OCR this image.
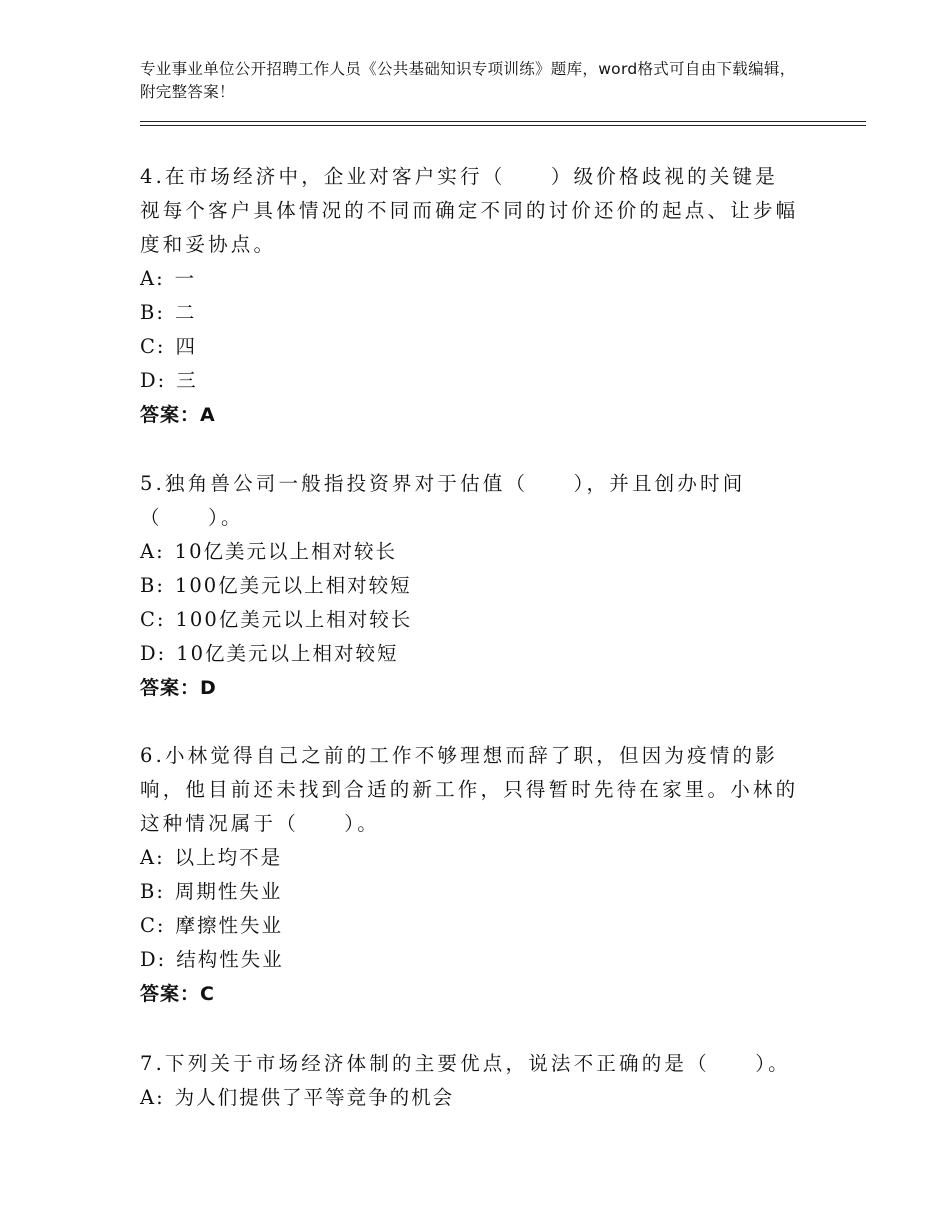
专业事业单位公开招聘工作人员《公共基础知识专项训练》题库，word格式可自由下载编辑，附完整答案！

4.在市场经济中，企业对客户实行（　　）级价格歧视的关键是视每个客户具体情况的不同而确定不同的讨价还价的起点、让步幅度和妥协点。

A: 一

B: 二

C: 四

D: 三

答案：A

5.独角兽公司一般指投资界对于估值（　　），并且创办时间（　　）。

A: 10亿美元以上相对较长

B: 100亿美元以上相对较短

C: 100亿美元以上相对较长

D: 10亿美元以上相对较短

答案：D

6.小林觉得自己之前的工作不够理想而辞了职，但因为疫情的影响，他目前还未找到合适的新工作，只得暂时先待在家里。小林的这种情况属于（　　）。

A: 以上均不是

B: 周期性失业

C: 摩擦性失业

D: 结构性失业

答案：C

7.下列关于市场经济体制的主要优点，说法不正确的是（　　）。

A: 为人们提供了平等竞争的机会
